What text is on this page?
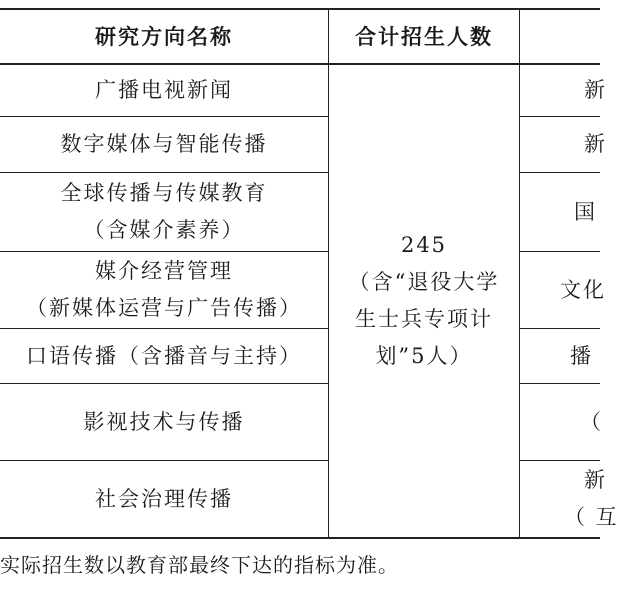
研究方向名称	合计招生人数
广播电视新闻
数字媒体与智能传播
全球传播与传媒教育
（含媒介素养）
媒介经营管理
（新媒体运营与广告传播）
口语传播（含播音与主持）
影视技术与传播
社会治理传播
245
（含“退役大学
生士兵专项计
划”5人）
新
新
国
文化
播
（
新
（ 互
实际招生数以教育部最终下达的指标为准。
